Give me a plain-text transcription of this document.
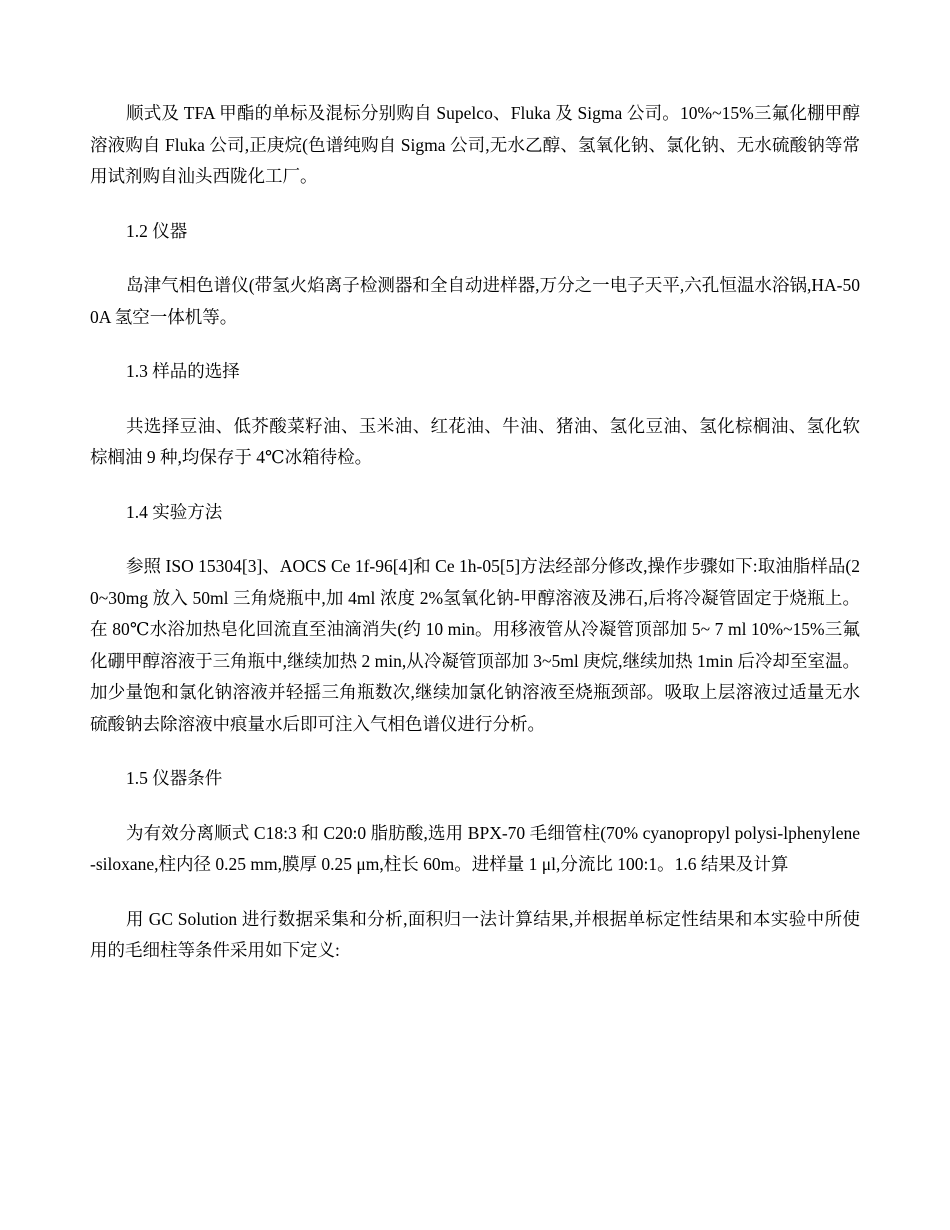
顺式及 TFA 甲酯的单标及混标分别购自 Supelco、Fluka 及 Sigma 公司。10%~15%三氟化棚甲醇溶液购自 Fluka 公司,正庚烷(色谱纯购自 Sigma 公司,无水乙醇、氢氧化钠、氯化钠、无水硫酸钠等常用试剂购自汕头西陇化工厂。

1.2 仪器

岛津气相色谱仪(带氢火焰离子检测器和全自动进样器,万分之一电子天平,六孔恒温水浴锅,HA-500A 氢空一体机等。

1.3 样品的选择

共选择豆油、低芥酸菜籽油、玉米油、红花油、牛油、猪油、氢化豆油、氢化棕榈油、氢化软棕榈油 9 种,均保存于 4℃冰箱待检。

1.4 实验方法

参照 ISO 15304[3]、AOCS Ce 1f-96[4]和 Ce 1h-05[5]方法经部分修改,操作步骤如下:取油脂样品(20~30mg 放入 50ml 三角烧瓶中,加 4ml 浓度 2%氢氧化钠-甲醇溶液及沸石,后将冷凝管固定于烧瓶上。在 80℃水浴加热皂化回流直至油滴消失(约 10 min。用移液管从冷凝管顶部加 5~ 7 ml 10%~15%三氟化硼甲醇溶液于三角瓶中,继续加热 2 min,从冷凝管顶部加 3~5ml 庚烷,继续加热 1min 后冷却至室温。加少量饱和氯化钠溶液并轻摇三角瓶数次,继续加氯化钠溶液至烧瓶颈部。吸取上层溶液过适量无水硫酸钠去除溶液中痕量水后即可注入气相色谱仪进行分析。

1.5 仪器条件

为有效分离顺式 C18:3 和 C20:0 脂肪酸,选用 BPX-70 毛细管柱(70% cyanopropyl polysi-lphenylene-siloxane,柱内径 0.25 mm,膜厚 0.25 μm,柱长 60m。进样量 1 μl,分流比 100:1。1.6 结果及计算

用 GC Solution 进行数据采集和分析,面积归一法计算结果,并根据单标定性结果和本实验中所使用的毛细柱等条件采用如下定义:
